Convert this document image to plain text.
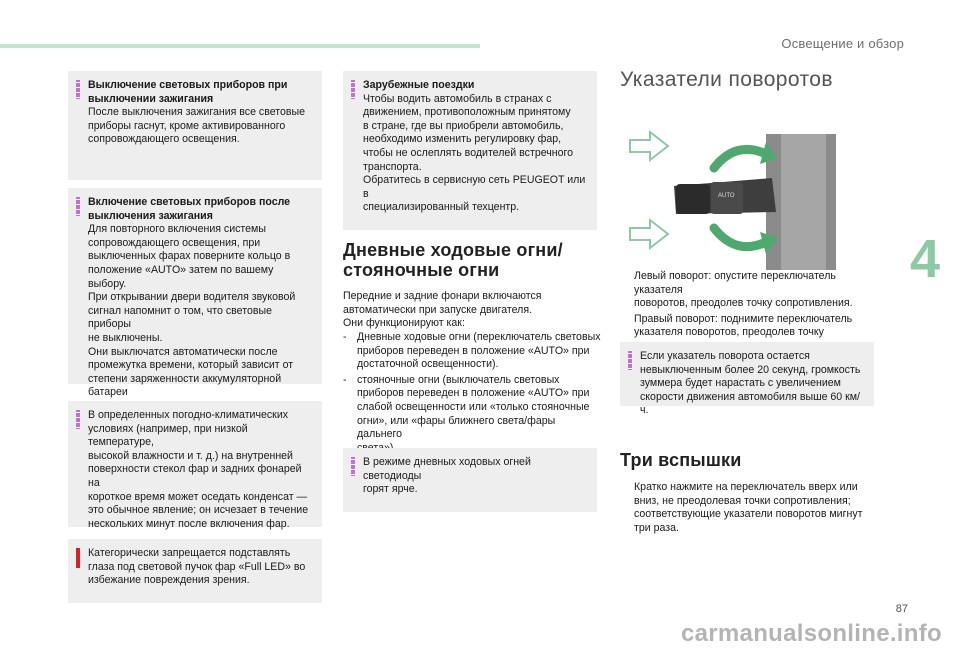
Освещение и обзор
4
Выключение световых приборов при выключении зажигания

После выключения зажигания все световые
приборы гаснут, кроме активированного
сопровождающего освещения.

Включение световых приборов после выключения зажигания

Для повторного включения системы
сопровождающего освещения, при
выключенных фарах поверните кольцо в
положение «AUTO» затем по вашему выбору.
При открывании двери водителя звуковой
сигнал напомнит о том, что световые приборы
не выключены.
Они выключатся автоматически после
промежутка времени, который зависит от
степени заряженности аккумуляторной батареи

В определенных погодно-климатических
условиях (например, при низкой температуре,
высокой влажности и т. д.) на внутренней
поверхности стекол фар и задних фонарей на
короткое время может оседать конденсат —
это обычное явление; он исчезает в течение
нескольких минут после включения фар.

Категорически запрещается подставлять
глаза под световой пучок фар «Full LED» во
избежание повреждения зрения.

Зарубежные поездки

Чтобы водить автомобиль в странах с
движением, противоположным принятому
в стране, где вы приобрели автомобиль,
необходимо изменить регулировку фар,
чтобы не ослеплять водителей встречного
транспорта.
Обратитесь в сервисную сеть PEUGEOT или в
специализированный техцентр.

Дневные ходовые огни/
стояночные огни
Передние и задние фонари включаются
автоматически при запуске двигателя.
Они функционируют как:
- Дневные ходовые огни (переключатель световых
приборов переведен в положение «AUTO» при
достаточной освещенности).
- стояночные огни (выключатель световых
приборов переведен в положение «AUTO» при
слабой освещенности или «только стояночные
огни», или «фары ближнего света/фары дальнего

В режиме дневных ходовых огней светодиоды
горят ярче.

Указатели поворотов
AUTO
Левый поворот: опустите переключатель указателя
поворотов, преодолев точку сопротивления.
Правый поворот: поднимите переключатель
указателя поворотов, преодолев точку

Если указатель поворота остается
невыключенным более 20 секунд, громкость
зуммера будет нарастать с увеличением
скорости движения автомобиля выше 60 км/ч.

Три вспышки
Кратко нажмите на переключатель вверх или
вниз, не преодолевая точки сопротивления;
соответствующие указатели поворотов мигнут
три раза.
87
carmanualsonline.info
